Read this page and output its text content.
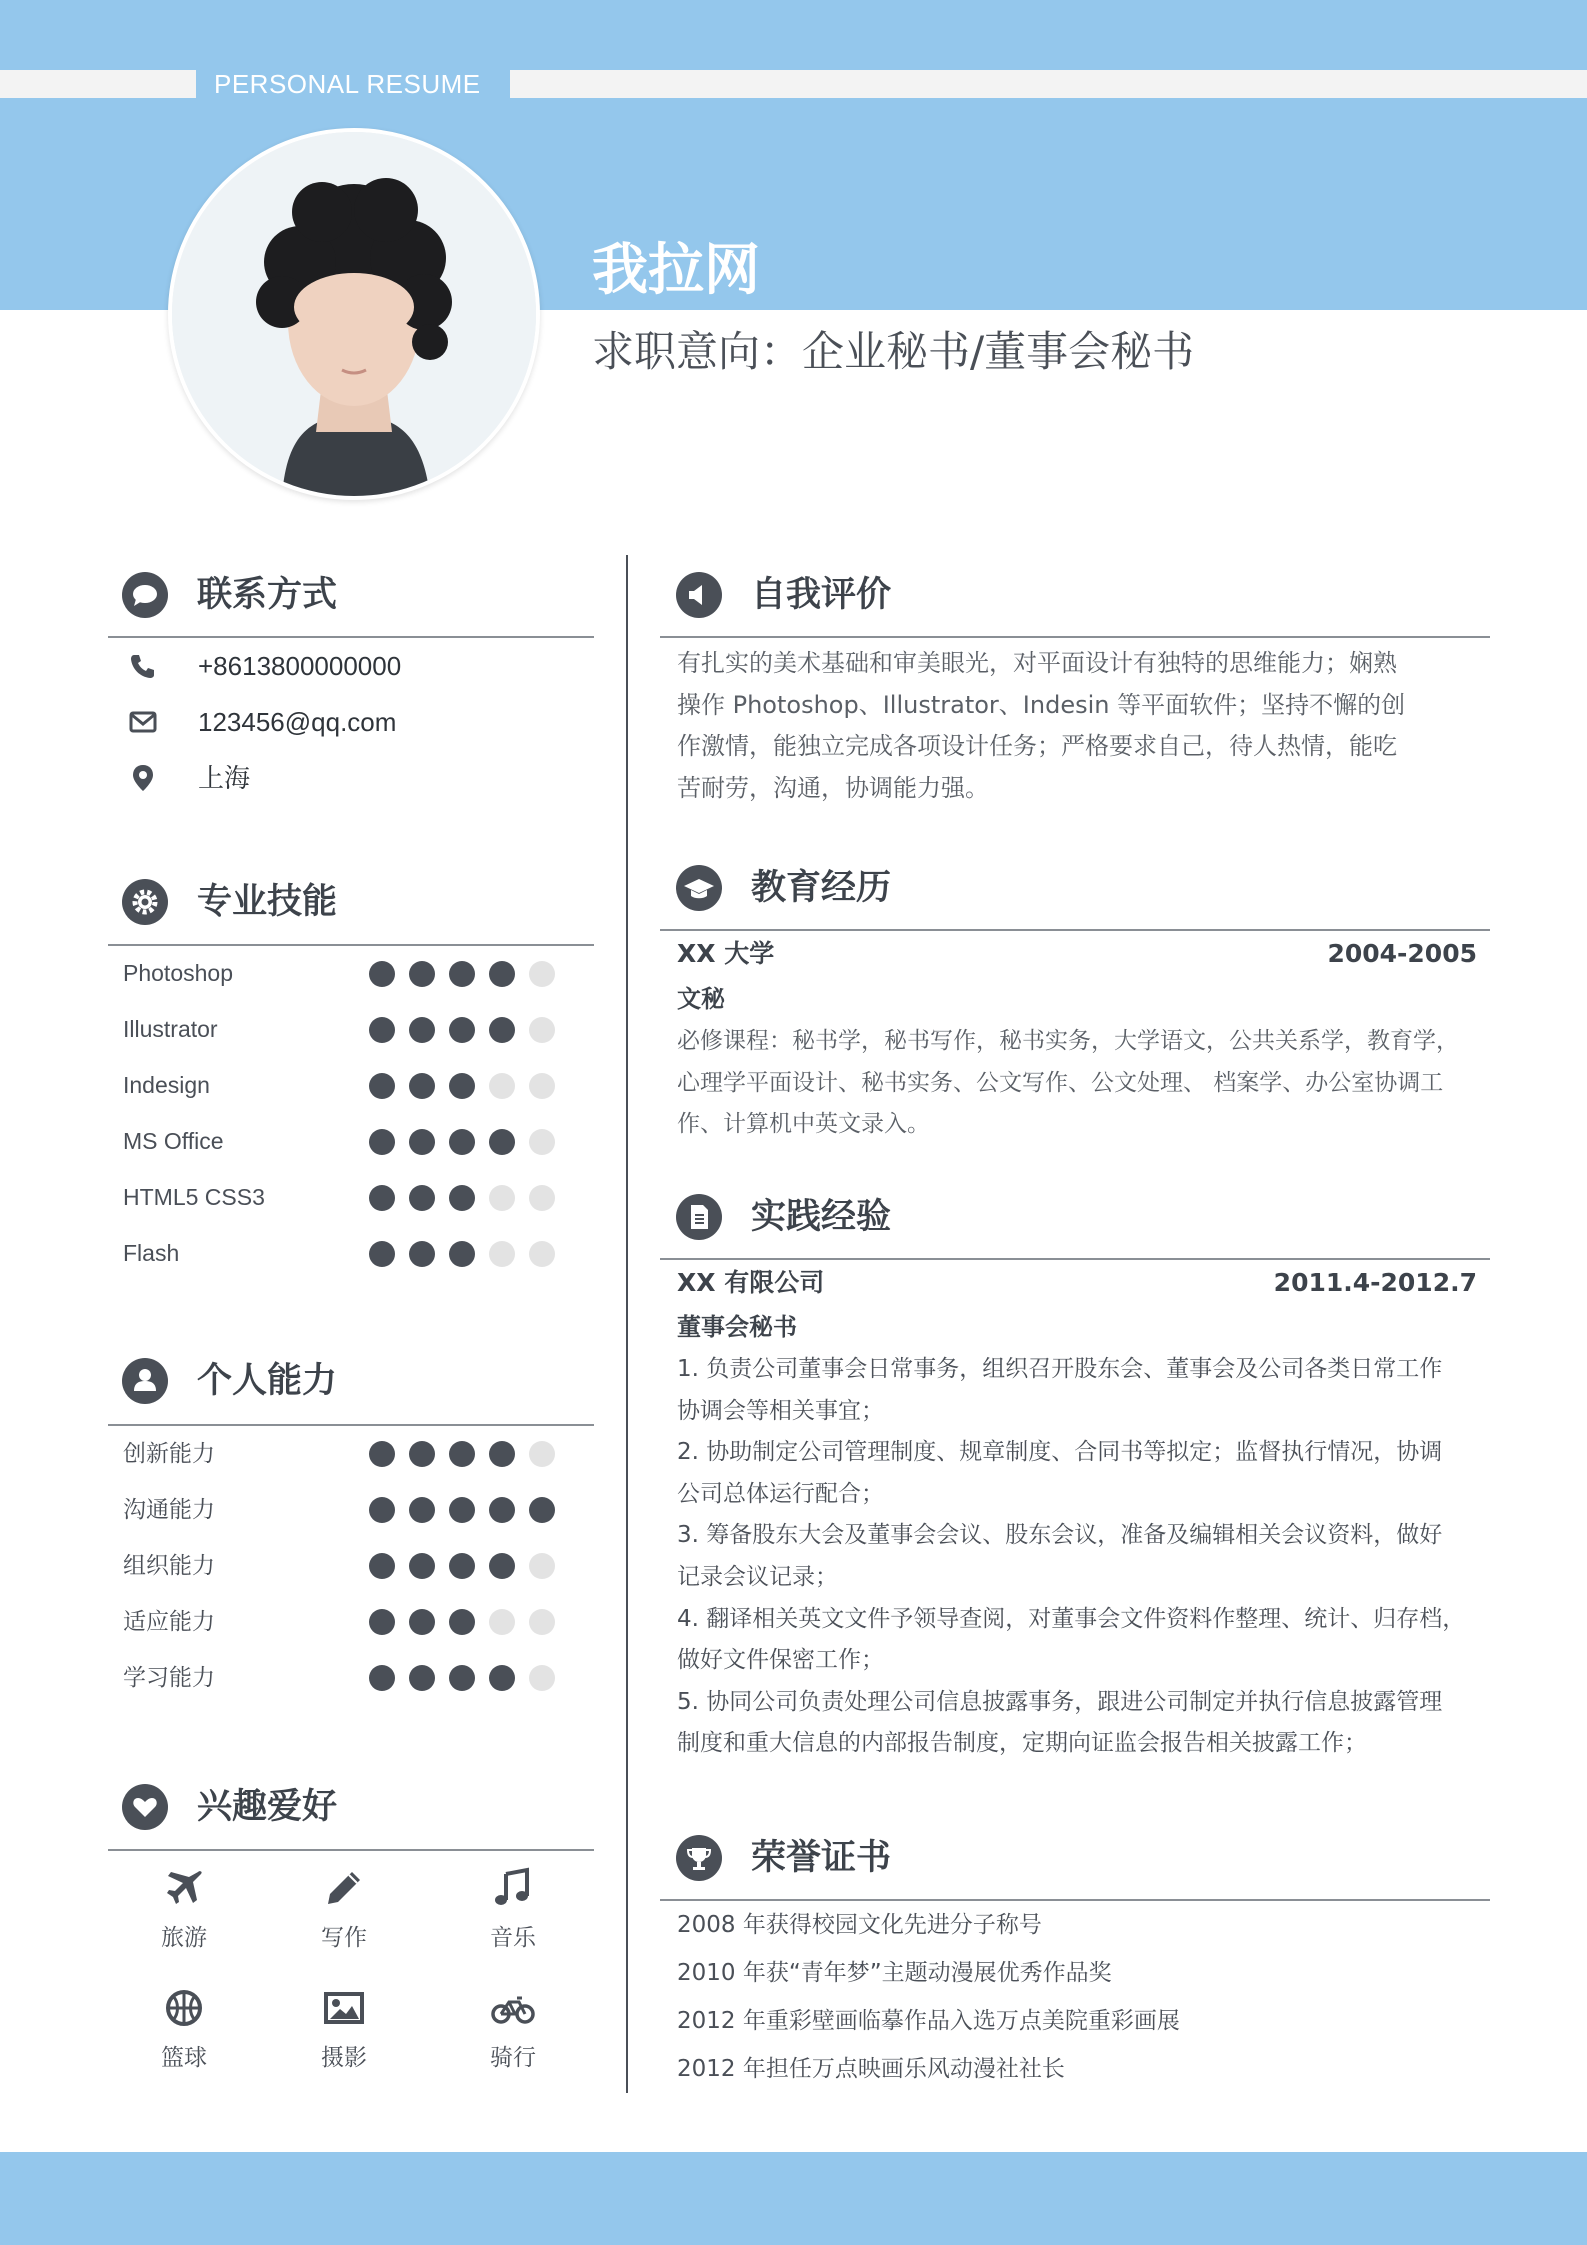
PERSONAL RESUME
我拉网
求职意向：企业秘书/董事会秘书
联系方式
+8613800000000
123456@qq.com
上海
专业技能
Photoshop
Illustrator
Indesign
MS Office
HTML5 CSS3
Flash
个人能力
创新能力
沟通能力
组织能力
适应能力
学习能力
兴趣爱好
旅游	写作	音乐
篮球	摄影	骑行
自我评价
有扎实的美术基础和审美眼光，对平面设计有独特的思维能力；娴熟
操作 Photoshop、Illustrator、Indesin 等平面软件；坚持不懈的创
作激情，能独立完成各项设计任务；严格要求自己，待人热情，能吃
苦耐劳，沟通，协调能力强。
教育经历
XX 大学	2004-2005
文秘
必修课程：秘书学，秘书写作，秘书实务，大学语文，公共关系学，教育学，
心理学平面设计、秘书实务、公文写作、公文处理、 档案学、办公室协调工
作、计算机中英文录入。
实践经验
XX 有限公司	2011.4-2012.7
董事会秘书
1. 负责公司董事会日常事务，组织召开股东会、董事会及公司各类日常工作
协调会等相关事宜；
2. 协助制定公司管理制度、规章制度、合同书等拟定；监督执行情况，协调
公司总体运行配合；
3. 筹备股东大会及董事会会议、股东会议，准备及编辑相关会议资料，做好
记录会议记录；
4. 翻译相关英文文件予领导查阅，对董事会文件资料作整理、统计、归存档，
做好文件保密工作；
5. 协同公司负责处理公司信息披露事务，跟进公司制定并执行信息披露管理
制度和重大信息的内部报告制度，定期向证监会报告相关披露工作；
荣誉证书
2008 年获得校园文化先进分子称号
2010 年获“青年梦”主题动漫展优秀作品奖
2012 年重彩壁画临摹作品入选万点美院重彩画展
2012 年担任万点映画乐风动漫社社长
